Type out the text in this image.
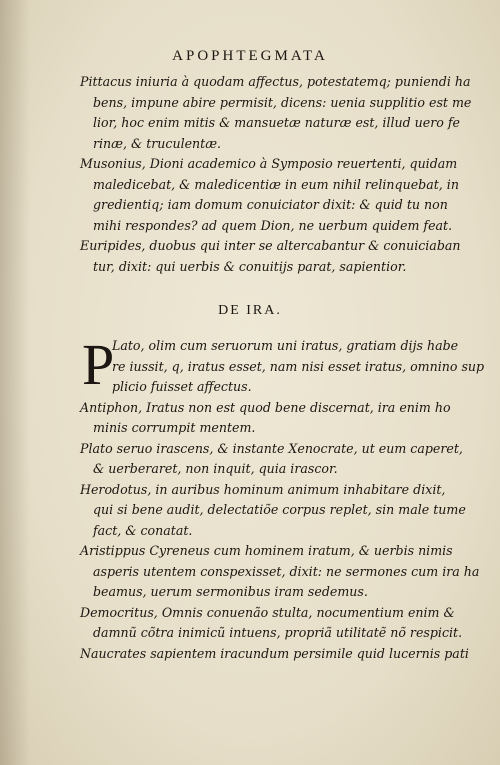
APOPHTEGMATA
Pittacus iniuria à quodam affectus, potestatemq; puniendi ha
bens, impune abire permisit, dicens: uenia supplitio est me
lior, hoc enim mitis & mansuetæ naturæ est, illud uero fe
rinæ, & truculentæ.
Musonius, Dioni academico à Symposio reuertenti, quidam
maledicebat, & maledicentiæ in eum nihil relinquebat, in
gredientiq; iam domum conuiciator dixit: & quid tu non
mihi respondes? ad quem Dion, ne uerbum quidem feat.
Euripides, duobus qui inter se altercabantur & conuiciaban
tur, dixit: qui uerbis & conuitijs parat, sapientior.
DE IRA.
P
Lato, olim cum seruorum uni iratus, gratiam dijs habe
re iussit, q, iratus esset, nam nisi esset iratus, omnino sup
plicio fuisset affectus.
Antiphon, Iratus non est quod bene discernat, ira enim ho
minis corrumpit mentem.
Plato seruo irascens, & instante Xenocrate, ut eum caperet,
& uerberaret, non inquit, quia irascor.
Herodotus, in auribus hominum animum inhabitare dixit,
qui si bene audit, delectatiõe corpus replet, sin male tume
fact, & conatat.
Aristippus Cyreneus cum hominem iratum, & uerbis nimis
asperis utentem conspexisset, dixit: ne sermones cum ira ha
beamus, uerum sermonibus iram sedemus.
Democritus, Omnis conuenão stulta, nocumentium enim &
damnũ cõtra inimicũ intuens, propriã utilitatẽ nõ respicit.
Naucrates sapientem iracundum persimile quid lucernis pati
